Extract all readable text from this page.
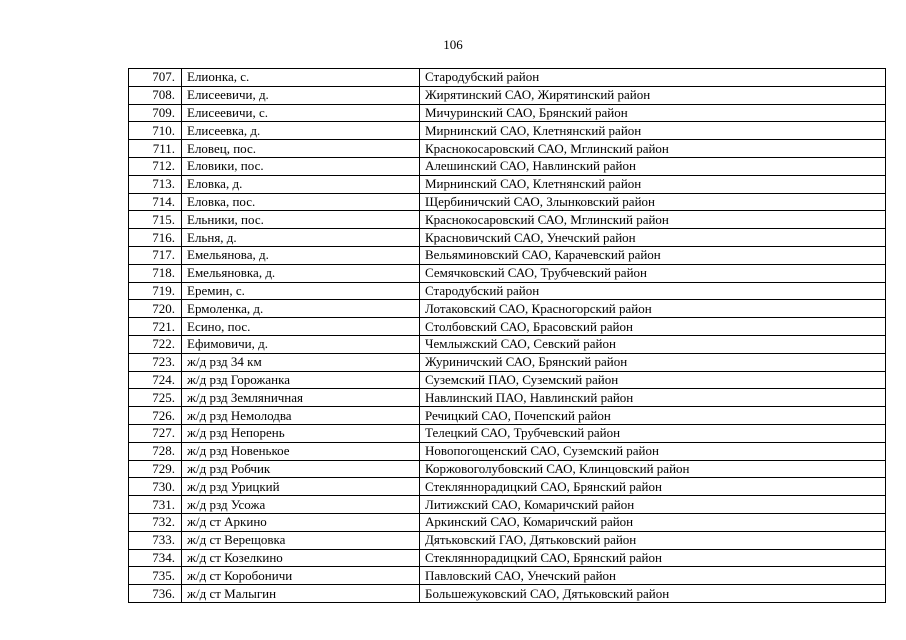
106
707.	Елионка, с.	Стародубский район
708.	Елисеевичи, д.	Жирятинский САО, Жирятинский район
709.	Елисеевичи, с.	Мичуринский САО, Брянский район
710.	Елисеевка, д.	Мирнинский САО, Клетнянский район
711.	Еловец, пос.	Краснокосаровский САО, Мглинский район
712.	Еловики, пос.	Алешинский САО, Навлинский район
713.	Еловка, д.	Мирнинский САО, Клетнянский район
714.	Еловка, пос.	Щербиничский САО, Злынковский район
715.	Ельники, пос.	Краснокосаровский САО, Мглинский район
716.	Ельня, д.	Красновичский САО, Унечский район
717.	Емельянова, д.	Вельяминовский САО, Карачевский район
718.	Емельяновка, д.	Семячковский САО, Трубчевский район
719.	Еремин, с.	Стародубский район
720.	Ермоленка, д.	Лотаковский САО, Красногорский район
721.	Есино, пос.	Столбовский САО, Брасовский район
722.	Ефимовичи, д.	Чемлыжский САО, Севский район
723.	ж/д рзд 34 км	Журиничский САО, Брянский район
724.	ж/д рзд Горожанка	Суземский ПАО, Суземский район
725.	ж/д рзд Земляничная	Навлинский ПАО, Навлинский район
726.	ж/д рзд Немолодва	Речицкий САО, Почепский район
727.	ж/д рзд Непорень	Телецкий САО, Трубчевский район
728.	ж/д рзд Новенькое	Новопогощенский САО, Суземский район
729.	ж/д рзд Робчик	Коржовоголубовский САО, Клинцовский район
730.	ж/д рзд Урицкий	Стекляннорадицкий САО, Брянский район
731.	ж/д рзд Усожа	Литижский САО, Комаричский район
732.	ж/д ст Аркино	Аркинский САО, Комаричский район
733.	ж/д ст Верещовка	Дятьковский ГАО, Дятьковский район
734.	ж/д ст Козелкино	Стекляннорадицкий САО, Брянский район
735.	ж/д ст Коробоничи	Павловский САО, Унечский район
736.	ж/д ст Малыгин	Большежуковский САО, Дятьковский район
